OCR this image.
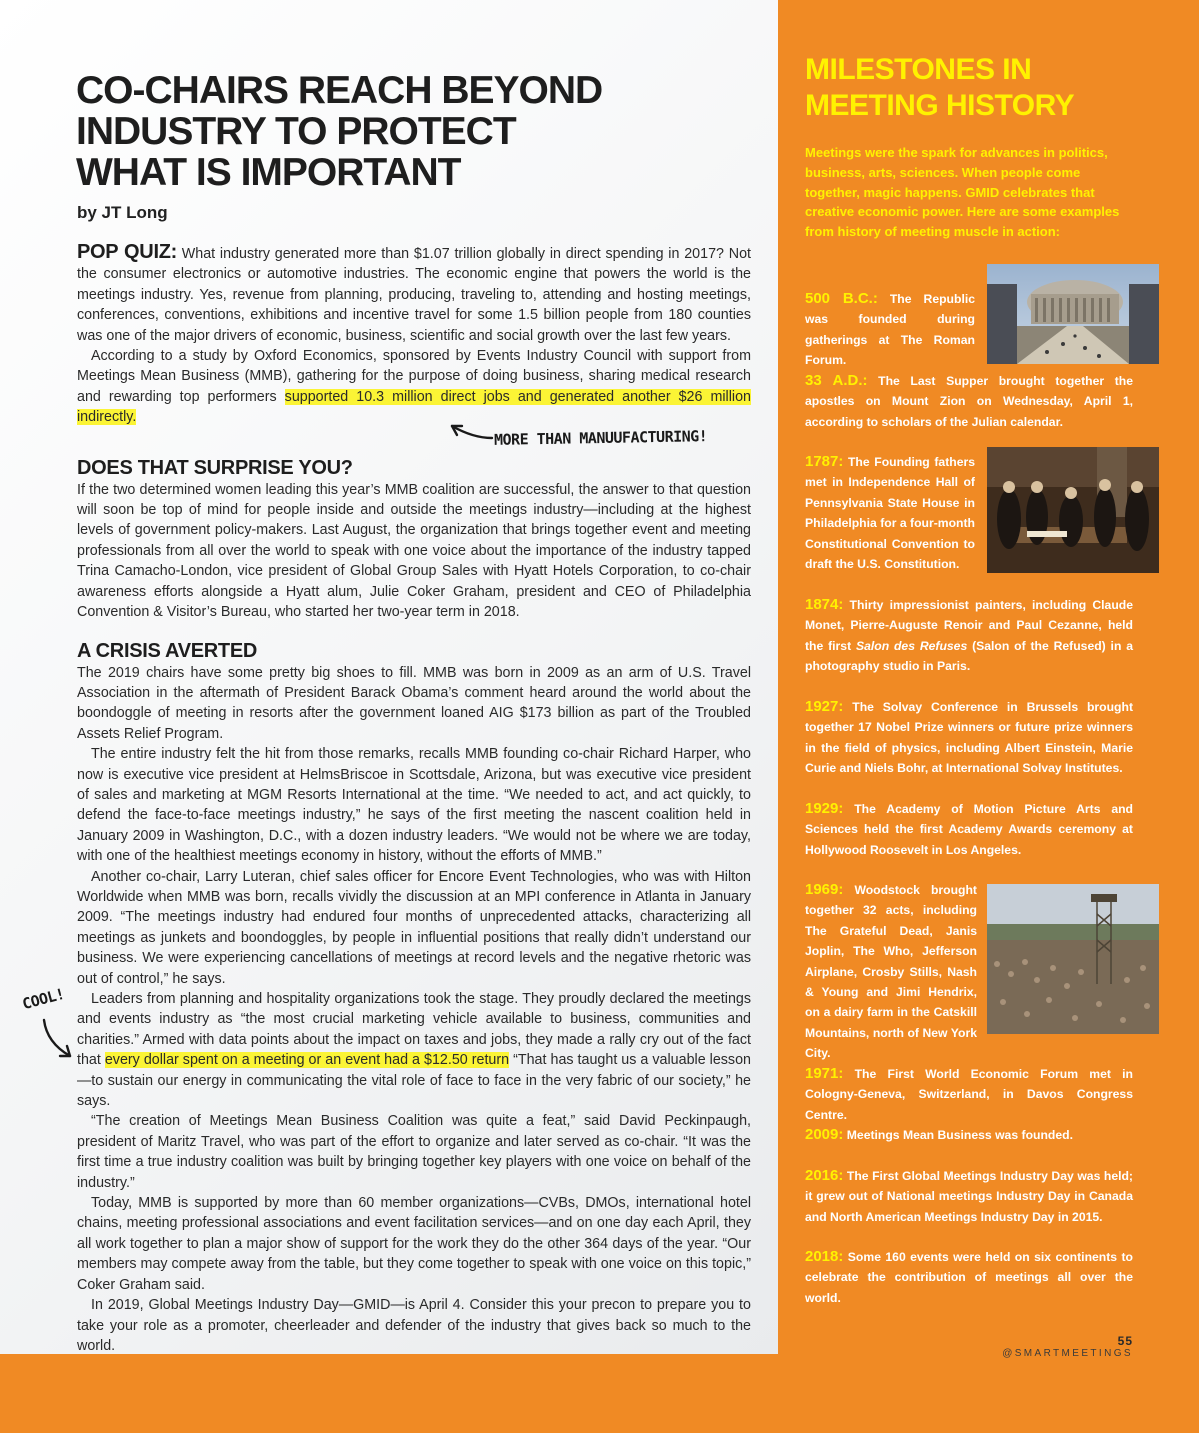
CO-CHAIRS REACH BEYOND
INDUSTRY TO PROTECT
WHAT IS IMPORTANT
by JT Long

POP QUIZ: What industry generated more than $1.07 trillion globally in direct spending in 2017? Not the consumer electronics or automotive industries. The economic engine that powers the world is the meetings industry. Yes, revenue from planning, producing, traveling to, attending and hosting meetings, conferences, conventions, exhibitions and incentive travel for some 1.5 billion people from 180 counties was one of the major drivers of economic, business, scientific and social growth over the last few years.

According to a study by Oxford Economics, sponsored by Events Industry Council with support from Meetings Mean Business (MMB), gathering for the purpose of doing business, sharing medical research and rewarding top performers supported 10.3 million direct jobs and generated another $26 million indirectly.

DOES THAT SURPRISE YOU?

If the two determined women leading this year’s MMB coalition are successful, the answer to that question will soon be top of mind for people inside and outside the meetings industry—including at the highest levels of government policy-makers. Last August, the organization that brings together event and meeting professionals from all over the world to speak with one voice about the importance of the industry tapped Trina Camacho-London, vice president of Global Group Sales with Hyatt Hotels Corporation, to co-chair awareness efforts alongside a Hyatt alum, Julie Coker Graham, president and CEO of Philadelphia Convention & Visitor’s Bureau, who started her two-year term in 2018.

A CRISIS AVERTED

The 2019 chairs have some pretty big shoes to fill. MMB was born in 2009 as an arm of U.S. Travel Association in the aftermath of President Barack Obama’s comment heard around the world about the boondoggle of meeting in resorts after the government loaned AIG $173 billion as part of the Troubled Assets Relief Program.

The entire industry felt the hit from those remarks, recalls MMB founding co-chair Richard Harper, who now is executive vice president at HelmsBriscoe in Scottsdale, Arizona, but was executive vice president of sales and marketing at MGM Resorts International at the time. “We needed to act, and act quickly, to defend the face-to-face meetings industry,” he says of the first meeting the nascent coalition held in January 2009 in Washington, D.C., with a dozen industry leaders. “We would not be where we are today, with one of the healthiest meetings economy in history, without the efforts of MMB.”

Another co-chair, Larry Luteran, chief sales officer for Encore Event Technologies, who was with Hilton Worldwide when MMB was born, recalls vividly the discussion at an MPI conference in Atlanta in January 2009. “The meetings industry had endured four months of unprecedented attacks, characterizing all meetings as junkets and boondoggles, by people in influential positions that really didn’t understand our business. We were experiencing cancellations of meetings at record levels and the negative rhetoric was out of control,” he says.

Leaders from planning and hospitality organizations took the stage. They proudly declared the meetings and events industry as “the most crucial marketing vehicle available to business, communities and charities.” Armed with data points about the impact on taxes and jobs, they made a rally cry out of the fact that every dollar spent on a meeting or an event had a $12.50 return “That has taught us a valuable lesson—to sustain our energy in communicating the vital role of face to face in the very fabric of our society,” he says.

“The creation of Meetings Mean Business Coalition was quite a feat,” said David Peckinpaugh, president of Maritz Travel, who was part of the effort to organize and later served as co-chair. “It was the first time a true industry coalition was built by bringing together key players with one voice on behalf of the industry.”

Today, MMB is supported by more than 60 member organizations—CVBs, DMOs, international hotel chains, meeting professional associations and event facilitation services—and on one day each April, they all work together to plan a major show of support for the work they do the other 364 days of the year. “Our members may compete away from the table, but they come together to speak with one voice on this topic,” Coker Graham said.

In 2019, Global Meetings Industry Day—GMID—is April 4. Consider this your precon to prepare you to take your role as a promoter, cheerleader and defender of the industry that gives back so much to the world.

MORE THAN MANUUFACTURING!
COOL!
MILESTONES IN
MEETING HISTORY
Meetings were the spark for advances in politics, business, arts, sciences. When people come together, magic happens. GMID celebrates that creative economic power. Here are some examples from history of meeting muscle in action:
500 B.C.: The Republic was founded during gatherings at The Roman Forum.
33 A.D.: The Last Supper brought together the apostles on Mount Zion on Wednesday, April 1, according to scholars of the Julian calendar.
1787: The Founding fathers met in Independence Hall of Pennsylvania State House in Philadelphia for a four-month Constitutional Convention to draft the U.S. Constitution.
1874: Thirty impressionist painters, including Claude Monet, Pierre-Auguste Renoir and Paul Cezanne, held the first Salon des Refuses (Salon of the Refused) in a photography studio in Paris.
1927: The Solvay Conference in Brussels brought together 17 Nobel Prize winners or future prize winners in the field of physics, including Albert Einstein, Marie Curie and Niels Bohr, at International Solvay Institutes.
1929: The Academy of Motion Picture Arts and Sciences held the first Academy Awards ceremony at Hollywood Roosevelt in Los Angeles.
1969: Woodstock brought together 32 acts, including The Grateful Dead, Janis Joplin, The Who, Jefferson Airplane, Crosby Stills, Nash & Young and Jimi Hendrix, on a dairy farm in the Catskill Mountains, north of New York City.
1971: The First World Economic Forum met in Cologny-Geneva, Switzerland, in Davos Congress Centre.
2009: Meetings Mean Business was founded.
2016: The First Global Meetings Industry Day was held; it grew out of National meetings Industry Day in Canada and North American Meetings Industry Day in 2015.
2018: Some 160 events were held on six continents to celebrate the contribution of meetings all over the world.
55
@SMARTMEETINGS
